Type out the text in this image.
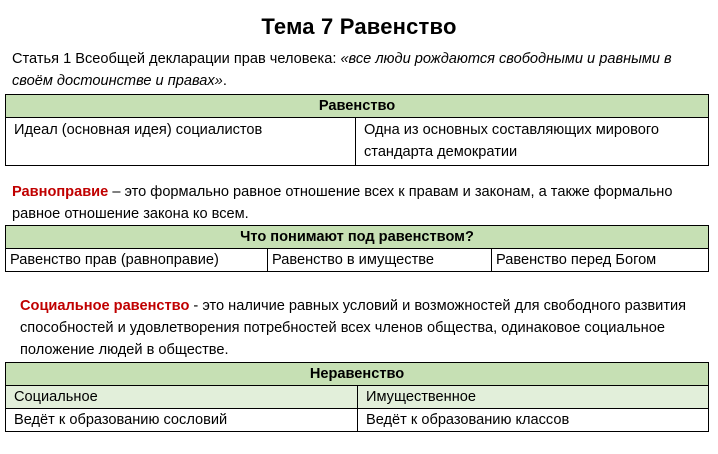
Тема 7 Равенство
Статья 1 Всеобщей декларации прав человека: «все люди рождаются свободными и равными в своём достоинстве и правах».
Равенство
Идеал (основная идея) социалистов	Одна из основных составляющих мирового стандарта демократии
Равноправие – это формально равное отношение всех к правам и законам, а также формально равное отношение закона ко всем.
Что понимают под равенством?
Равенство прав (равноправие)	Равенство в имуществе	Равенство перед Богом
Социальное равенство - это наличие равных условий и возможностей для свободного развития способностей и удовлетворения потребностей всех членов общества, одинаковое социальное положение людей в обществе.
Неравенство	
Социальное	Имущественное
Ведёт к образованию сословий	Ведёт к образованию классов
